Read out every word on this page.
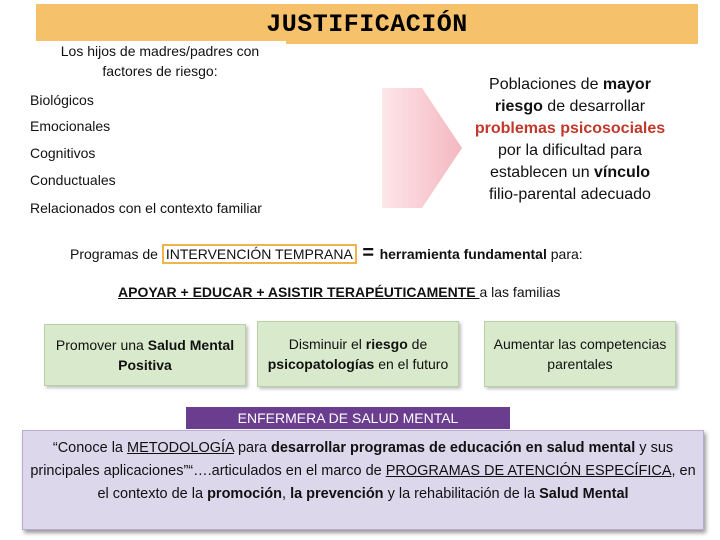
JUSTIFICACIÓN
Los hijos de madres/padres con factores de riesgo:
Biológicos
Emocionales
Cognitivos
Conductuales
Relacionados con el contexto familiar
Poblaciones de mayor
riesgo de desarrollar
problemas psicosociales
por la dificultad para
establecen un vínculo
filio-parental adecuado
Programas de INTERVENCIÓN TEMPRANA = herramienta fundamental para:
APOYAR + EDUCAR + ASISTIR TERAPÉUTICAMENTE a las familias
Promover una Salud Mental Positiva
Disminuir el riesgo de psicopatologías en el futuro
Aumentar las competencias parentales
ENFERMERA DE SALUD MENTAL
“Conoce la METODOLOGÍA para desarrollar programas de educación en salud mental y sus principales aplicaciones”“….articulados en el marco de PROGRAMAS DE ATENCIÓN ESPECÍFICA, en el contexto de la promoción, la prevención y la rehabilitación de la Salud Mental
